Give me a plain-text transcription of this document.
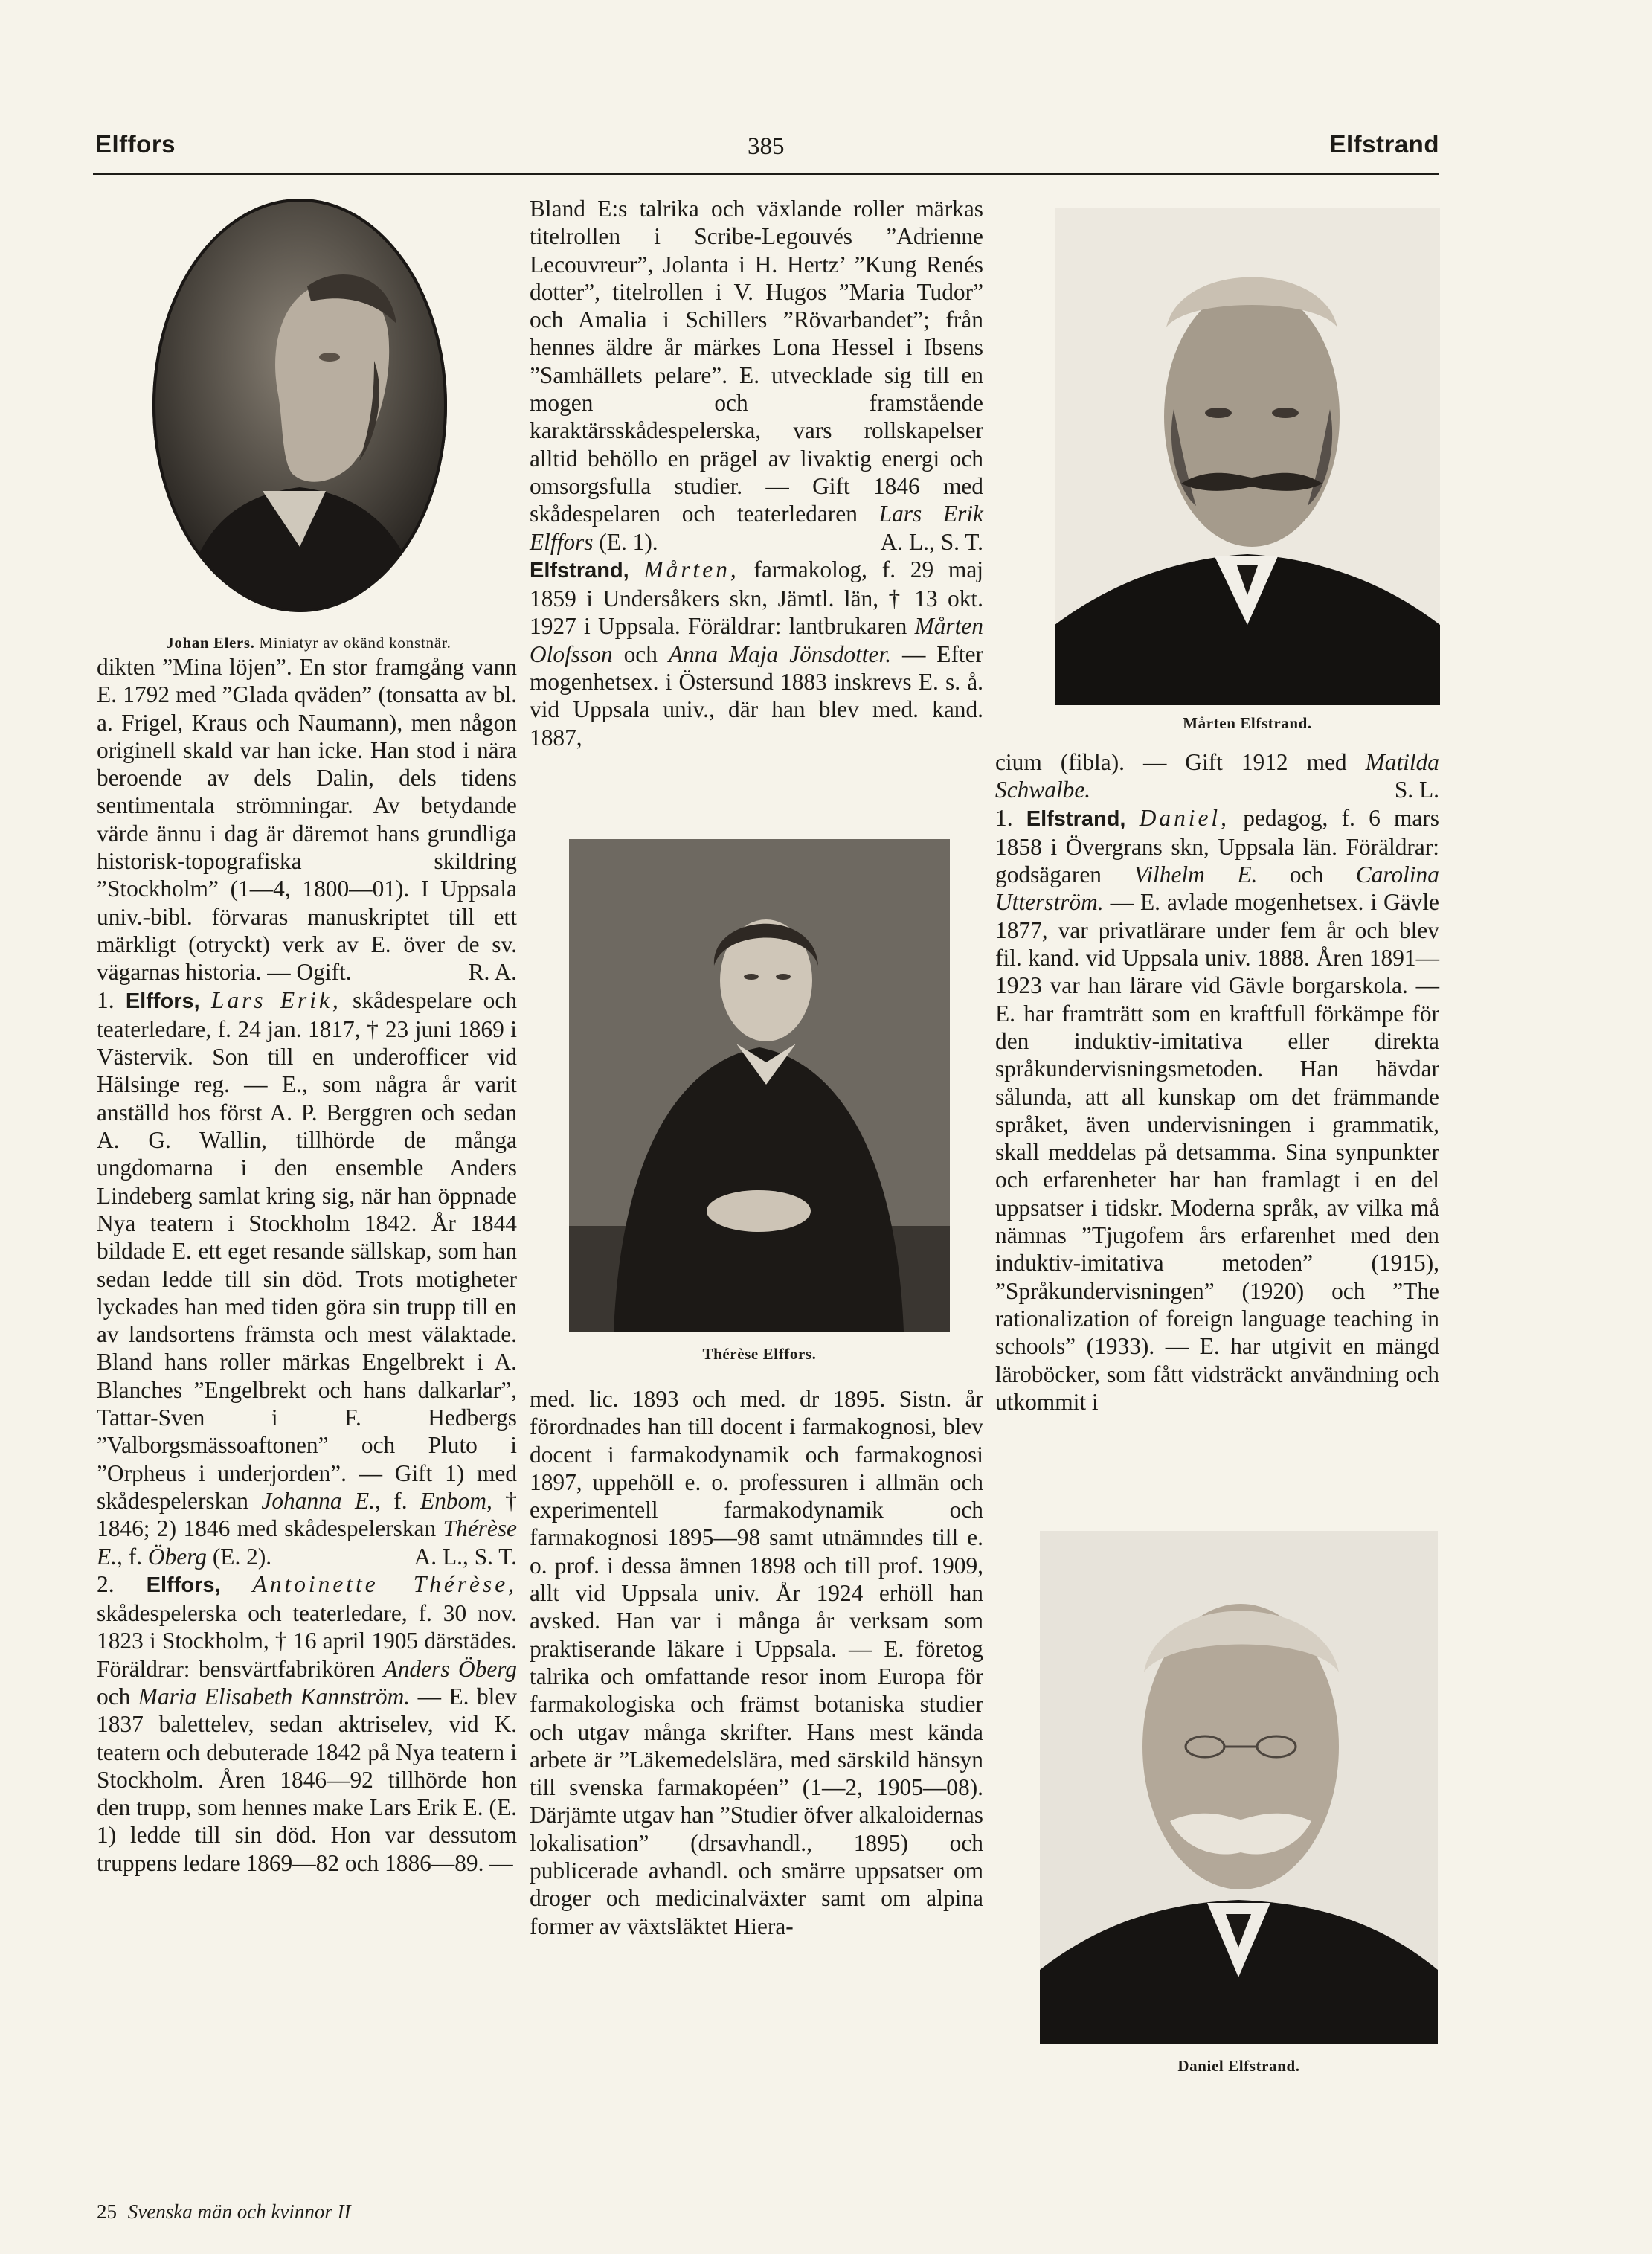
Elffors	385	Elfstrand
Johan Elers. Miniatyr av okänd konstnär.
Mårten Elfstrand.
Thérèse Elffors.
Daniel Elfstrand.

dikten ”Mina löjen”. En stor framgång vann E. 1792 med ”Glada qväden” (tonsatta av bl. a. Frigel, Kraus och Naumann), men någon originell skald var han icke. Han stod i nära beroende av dels Dalin, dels tidens sentimentala strömningar. Av betydande värde ännu i dag är däremot hans grundliga historisk-topografiska skildring ”Stockholm” (1—4, 1800—01). I Uppsala univ.-bibl. förvaras manuskriptet till ett märkligt (otryckt) verk av E. över de sv. vägarnas historia. — Ogift.	R. A.

1. Elffors, Lars Erik, skådespelare och teaterledare, f. 24 jan. 1817, † 23 juni 1869 i Västervik. Son till en underofficer vid Hälsinge reg. — E., som några år varit anställd hos först A. P. Berggren och sedan A. G. Wallin, tillhörde de många ungdomarna i den ensemble Anders Lindeberg samlat kring sig, när han öppnade Nya teatern i Stockholm 1842. År 1844 bildade E. ett eget resande sällskap, som han sedan ledde till sin död. Trots motigheter lyckades han med tiden göra sin trupp till en av landsortens främsta och mest välaktade. Bland hans roller märkas Engelbrekt i A. Blanches ”Engelbrekt och hans dalkarlar”, Tattar-Sven i F. Hedbergs ”Valborgsmässoaftonen” och Pluto i ”Orpheus i underjorden”. — Gift 1) med skådespelerskan Johanna E., f. Enbom, † 1846; 2) 1846 med skådespelerskan Thérèse E., f. Öberg (E. 2).	A. L., S. T.

2. Elffors, Antoinette Thérèse, skådespelerska och teaterledare, f. 30 nov. 1823 i Stockholm, † 16 april 1905 därstädes. Föräldrar: bensvärtfabrikören Anders Öberg och Maria Elisabeth Kannström. — E. blev 1837 balettelev, sedan aktriselev, vid K. teatern och debuterade 1842 på Nya teatern i Stockholm. Åren 1846—92 tillhörde hon den trupp, som hennes make Lars Erik E. (E. 1) ledde till sin död. Hon var dessutom truppens ledare 1869—82 och 1886—89. —

Bland E:s talrika och växlande roller märkas titelrollen i Scribe-Legouvés ”Adrienne Lecouvreur”, Jolanta i H. Hertz’ ”Kung Renés dotter”, titelrollen i V. Hugos ”Maria Tudor” och Amalia i Schillers ”Rövarbandet”; från hennes äldre år märkes Lona Hessel i Ibsens ”Samhällets pelare”. E. utvecklade sig till en mogen och framstående karaktärsskådespelerska, vars rollskapelser alltid behöllo en prägel av livaktig energi och omsorgsfulla studier. — Gift 1846 med skådespelaren och teaterledaren Lars Erik Elffors (E. 1).	A. L., S. T.

Elfstrand, Mårten, farmakolog, f. 29 maj 1859 i Undersåkers skn, Jämtl. län, † 13 okt. 1927 i Uppsala. Föräldrar: lantbrukaren Mårten Olofsson och Anna Maja Jönsdotter. — Efter mogenhetsex. i Östersund 1883 inskrevs E. s. å. vid Uppsala univ., där han blev med. kand. 1887,

med. lic. 1893 och med. dr 1895. Sistn. år förordnades han till docent i farmakognosi, blev docent i farmakodynamik och farmakognosi 1897, uppehöll e. o. professuren i allmän och experimentell farmakodynamik och farmakognosi 1895—98 samt utnämndes till e. o. prof. i dessa ämnen 1898 och till prof. 1909, allt vid Uppsala univ. År 1924 erhöll han avsked. Han var i många år verksam som praktiserande läkare i Uppsala. — E. företog talrika och omfattande resor inom Europa för farmakologiska och främst botaniska studier och utgav många skrifter. Hans mest kända arbete är ”Läkemedelslära, med särskild hänsyn till svenska farmakopéen” (1—2, 1905—08). Därjämte utgav han ”Studier öfver alkaloidernas lokalisation” (drsavhandl., 1895) och publicerade avhandl. och smärre uppsatser om droger och medicinalväxter samt om alpina former av växtsläktet Hiera-

cium (fibla). — Gift 1912 med Matilda Schwalbe.	S. L.

1. Elfstrand, Daniel, pedagog, f. 6 mars 1858 i Övergrans skn, Uppsala län. Föräldrar: godsägaren Vilhelm E. och Carolina Utterström. — E. avlade mogenhetsex. i Gävle 1877, var privatlärare under fem år och blev fil. kand. vid Uppsala univ. 1888. Åren 1891—1923 var han lärare vid Gävle borgarskola. — E. har framträtt som en kraftfull förkämpe för den induktiv-imitativa eller direkta språkundervisningsmetoden. Han hävdar sålunda, att all kunskap om det främmande språket, även undervisningen i grammatik, skall meddelas på detsamma. Sina synpunkter och erfarenheter har han framlagt i en del uppsatser i tidskr. Moderna språk, av vilka må nämnas ”Tjugofem års erfarenhet med den induktiv-imitativa metoden” (1915), ”Språkundervisningen” (1920) och ”The rationalization of foreign language teaching in schools” (1933). — E. har utgivit en mängd läroböcker, som fått vidsträckt användning och utkommit i

25 Svenska män och kvinnor II
